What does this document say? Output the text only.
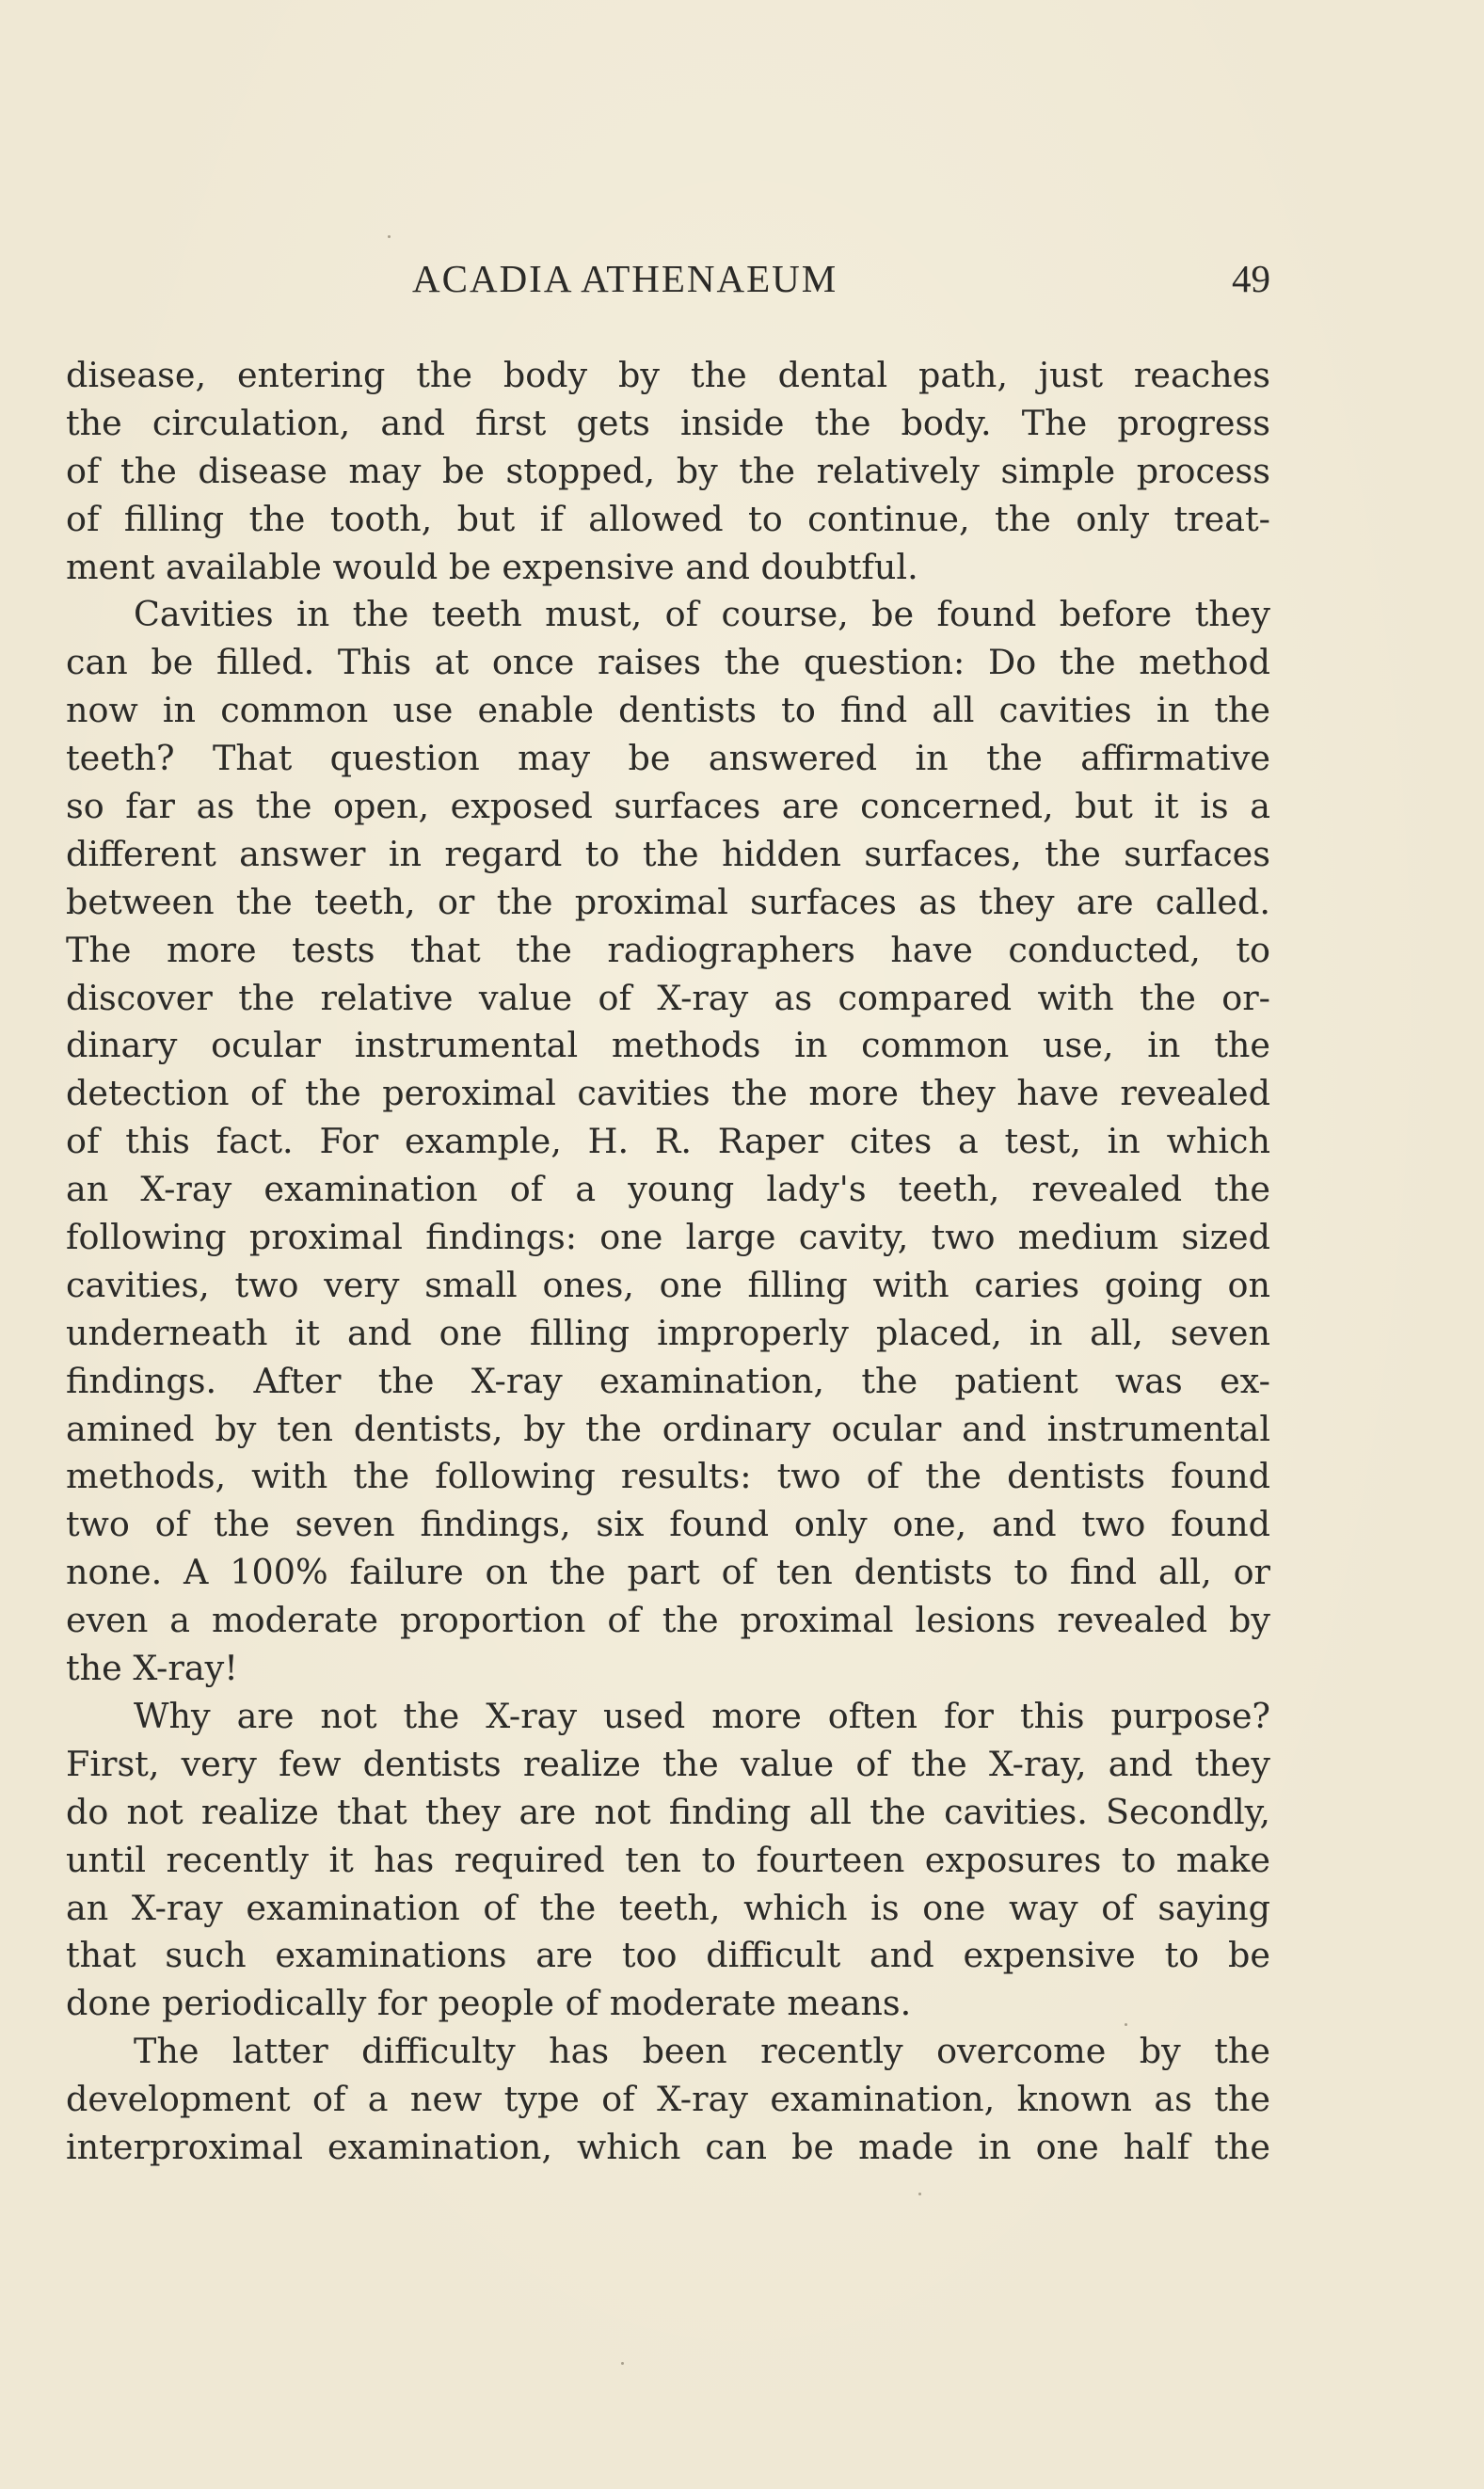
ACADIA ATHENAEUM	49
disease, entering the body by the dental path, just reaches
the circulation, and first gets inside the body. The progress
of the disease may be stopped, by the relatively simple process
of filling the tooth, but if allowed to continue, the only treat-
ment available would be expensive and doubtful.
Cavities in the teeth must, of course, be found before they
can be filled. This at once raises the question: Do the method
now in common use enable dentists to find all cavities in the
teeth? That question may be answered in the affirmative
so far as the open, exposed surfaces are concerned, but it is a
different answer in regard to the hidden surfaces, the surfaces
between the teeth, or the proximal surfaces as they are called.
The more tests that the radiographers have conducted, to
discover the relative value of X-ray as compared with the or-
dinary ocular instrumental methods in common use, in the
detection of the peroximal cavities the more they have revealed
of this fact. For example, H. R. Raper cites a test, in which
an X-ray examination of a young lady's teeth, revealed the
following proximal findings: one large cavity, two medium sized
cavities, two very small ones, one filling with caries going on
underneath it and one filling improperly placed, in all, seven
findings. After the X-ray examination, the patient was ex-
amined by ten dentists, by the ordinary ocular and instrumental
methods, with the following results: two of the dentists found
two of the seven findings, six found only one, and two found
none. A 100% failure on the part of ten dentists to find all, or
even a moderate proportion of the proximal lesions revealed by
the X-ray!
Why are not the X-ray used more often for this purpose?
First, very few dentists realize the value of the X-ray, and they
do not realize that they are not finding all the cavities. Secondly,
until recently it has required ten to fourteen exposures to make
an X-ray examination of the teeth, which is one way of saying
that such examinations are too difficult and expensive to be
done periodically for people of moderate means.
The latter difficulty has been recently overcome by the
development of a new type of X-ray examination, known as the
interproximal examination, which can be made in one half the
